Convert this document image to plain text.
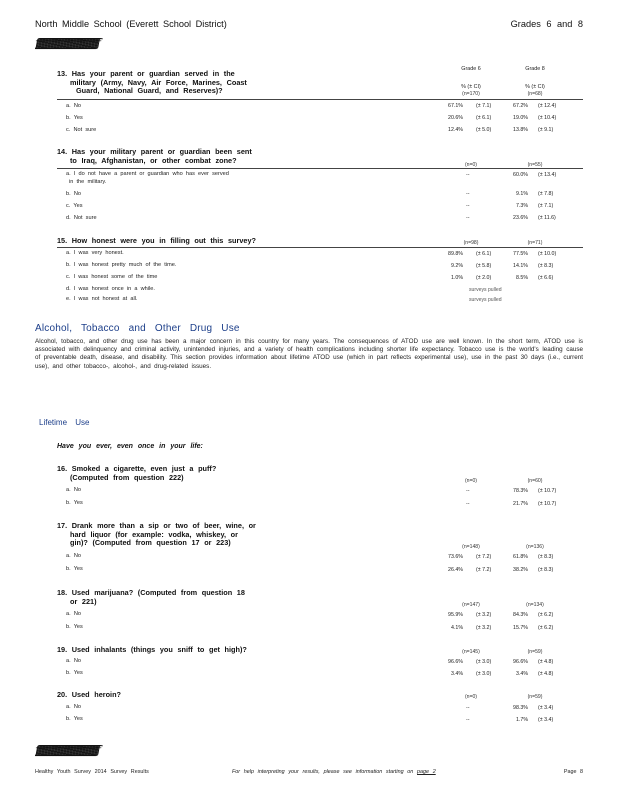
North Middle School (Everett School District)	Grades 6 and 8
ƒƒƒƒƒƒƒƒƒƒƒƒƒƒƒƒƒƒƒƒƒƒƒƒƒƒƒƒƒƒƒƒƒƒƒƒƒƒƒƒƒƒƒƒƒƒƒƒƒƒƒƒƒƒƒƒƒƒƒƒ
Grade 6	Grade 8
% (± CI)	% (± CI)
13. Has your parent or guardian served in the
military (Army, Navy, Air Force, Marines, Coast
Guard, National Guard, and Reserves)?	(n=170)	(n=68)
a. No	67.1% (± 7.1)	67.2% (± 12.4)
b. Yes	20.6% (± 6.1)	19.0% (± 10.4)
c. Not sure	12.4% (± 5.0)	13.8% (± 9.1)
14. Has your military parent or guardian been sent
to Iraq, Afghanistan, or other combat zone?
(n=0)	(n=55)
a. I do not have a parent or guardian who has ever served
in the military.
--	60.0% (± 13.4)
b. No	--	9.1% (± 7.8)
c. Yes	--	7.3% (± 7.1)
d. Not sure	--	23.6% (± 11.6)
15. How honest were you in filling out this survey?	(n=98)	(n=71)
a. I was very honest.	89.8% (± 6.1)	77.5% (± 10.0)
b. I was honest pretty much of the time.	9.2% (± 5.8)	14.1% (± 8.3)
c. I was honest some of the time	1.0% (± 2.0)	8.5% (± 6.6)
d. I was honest once in a while.	surveys pulled
e. I was not honest at all.	surveys pulled
Alcohol, Tobacco and Other Drug Use
Alcohol, tobacco, and other drug use has been a major concern in this country for many years. The consequences of ATOD use are well known. In the short term, ATOD use is associated with delinquency and criminal activity, unintended injuries, and a variety of health complications including shorter life expectancy. Tobacco use is the world's leading cause of preventable death, disease, and disability. This section provides information about lifetime ATOD use (which in part reflects experimental use), use in the past 30 days (i.e., current use), and other tobacco-, alcohol-, and drug-related issues.
Lifetime Use
Have you ever, even once in your life:
16. Smoked a cigarette, even just a puff?
(Computed from question 222)	(n=0)	(n=60)
a. No	--	78.3% (± 10.7)
b. Yes	--	21.7% (± 10.7)
17. Drank more than a sip or two of beer, wine, or
hard liquor (for example: vodka, whiskey, or
gin)? (Computed from question 17 or 223)	(n=148)	(n=136)
a. No	73.6% (± 7.2)	61.8% (± 8.3)
b. Yes	26.4% (± 7.2)	38.2% (± 8.3)
18. Used marijuana? (Computed from question 18
or 221)	(n=147)	(n=134)
a. No	95.9% (± 3.2)	84.3% (± 6.2)
b. Yes	4.1% (± 3.2)	15.7% (± 6.2)
19. Used inhalants (things you sniff to get high)?	(n=145)	(n=59)
a. No	96.6% (± 3.0)	96.6% (± 4.8)
b. Yes	3.4% (± 3.0)	3.4% (± 4.8)
20. Used heroin?	(n=0)	(n=59)
a. No	--	98.3% (± 3.4)
b. Yes	--	1.7% (± 3.4)
ƒƒƒƒƒƒƒƒƒƒƒƒƒƒƒƒƒƒƒƒƒƒƒƒƒƒƒƒƒƒƒƒƒƒƒƒƒƒƒƒƒƒƒƒƒƒƒƒƒƒƒƒƒƒƒƒƒƒƒƒ
Healthy Youth Survey 2014 Survey Results	For help interpreting your results, please see information starting on page 2	Page 8
